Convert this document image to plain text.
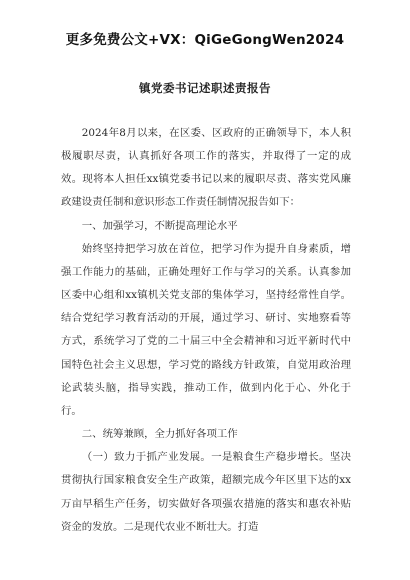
更多免费公文+VX：QiGeGongWen2024
镇党委书记述职述责报告

2024年8月以来，在区委、区政府的正确领导下，本人积极履职尽责，认真抓好各项工作的落实，并取得了一定的成效。现将本人担任xx镇党委书记以来的履职尽责、落实党风廉政建设责任制和意识形态工作责任制情况报告如下：

一、加强学习，不断提高理论水平

始终坚持把学习放在首位，把学习作为提升自身素质，增强工作能力的基础，正确处理好工作与学习的关系。认真参加区委中心组和xx镇机关党支部的集体学习，坚持经常性自学。结合党纪学习教育活动的开展，通过学习、研讨、实地察看等方式，系统学习了党的二十届三中全会精神和习近平新时代中国特色社会主义思想，学习党的路线方针政策，自觉用政治理论武装头脑，指导实践，推动工作，做到内化于心、外化于行。

二、统筹兼顾，全力抓好各项工作

（一）致力于抓产业发展。一是粮食生产稳步增长。坚决贯彻执行国家粮食安全生产政策，超额完成今年区里下达的xx万亩早稻生产任务，切实做好各项强农措施的落实和惠农补贴资金的发放。二是现代农业不断壮大。打造
